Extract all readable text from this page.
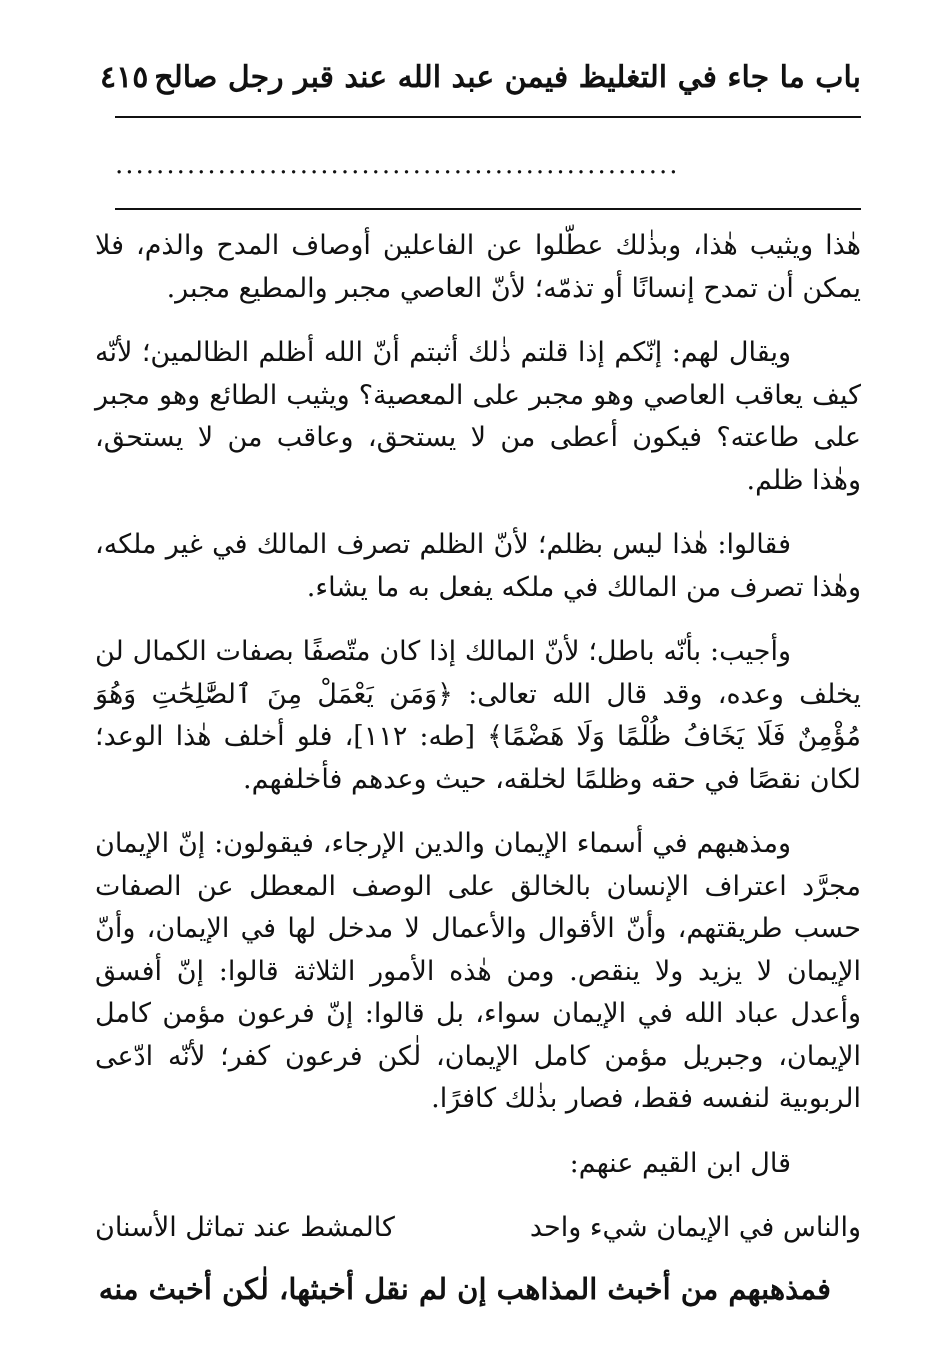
باب ما جاء في التغليظ فيمن عبد الله عند قبر رجل صالح
٤١٥
.......................................................

هٰذا ويثيب هٰذا، وبذٰلك عطّلوا عن الفاعلين أوصاف المدح والذم، فلا يمكن أن تمدح إنسانًا أو تذمّه؛ لأنّ العاصي مجبر والمطيع مجبر.

ويقال لهم: إنّكم إذا قلتم ذٰلك أثبتم أنّ الله أظلم الظالمين؛ لأنّه كيف يعاقب العاصي وهو مجبر على المعصية؟ ويثيب الطائع وهو مجبر على طاعته؟ فيكون أعطى من لا يستحق، وعاقب من لا يستحق، وهٰذا ظلم.

فقالوا: هٰذا ليس بظلم؛ لأنّ الظلم تصرف المالك في غير ملكه، وهٰذا تصرف من المالك في ملكه يفعل به ما يشاء.

وأجيب: بأنّه باطل؛ لأنّ المالك إذا كان متّصفًا بصفات الكمال لن يخلف وعده، وقد قال الله تعالى: ﴿وَمَن يَعْمَلْ مِنَ ٱلصَّٰلِحَٰتِ وَهُوَ مُؤْمِنٌ فَلَا يَخَافُ ظُلْمًا وَلَا هَضْمًا﴾ [طه: ١١٢]، فلو أخلف هٰذا الوعد؛ لكان نقصًا في حقه وظلمًا لخلقه، حيث وعدهم فأخلفهم.

ومذهبهم في أسماء الإيمان والدين الإرجاء، فيقولون: إنّ الإيمان مجرَّد اعتراف الإنسان بالخالق على الوصف المعطل عن الصفات حسب طريقتهم، وأنّ الأقوال والأعمال لا مدخل لها في الإيمان، وأنّ الإيمان لا يزيد ولا ينقص. ومن هٰذه الأمور الثلاثة قالوا: إنّ أفسق وأعدل عباد الله في الإيمان سواء، بل قالوا: إنّ فرعون مؤمن كامل الإيمان، وجبريل مؤمن كامل الإيمان، لٰكن فرعون كفر؛ لأنّه ادّعى الربوبية لنفسه فقط، فصار بذٰلك كافرًا.

قال ابن القيم عنهم:

والناس في الإيمان شيء واحد
كالمشط عند تماثل الأسنان

فمذهبهم من أخبث المذاهب إن لم نقل أخبثها، لٰكن أخبث منه
